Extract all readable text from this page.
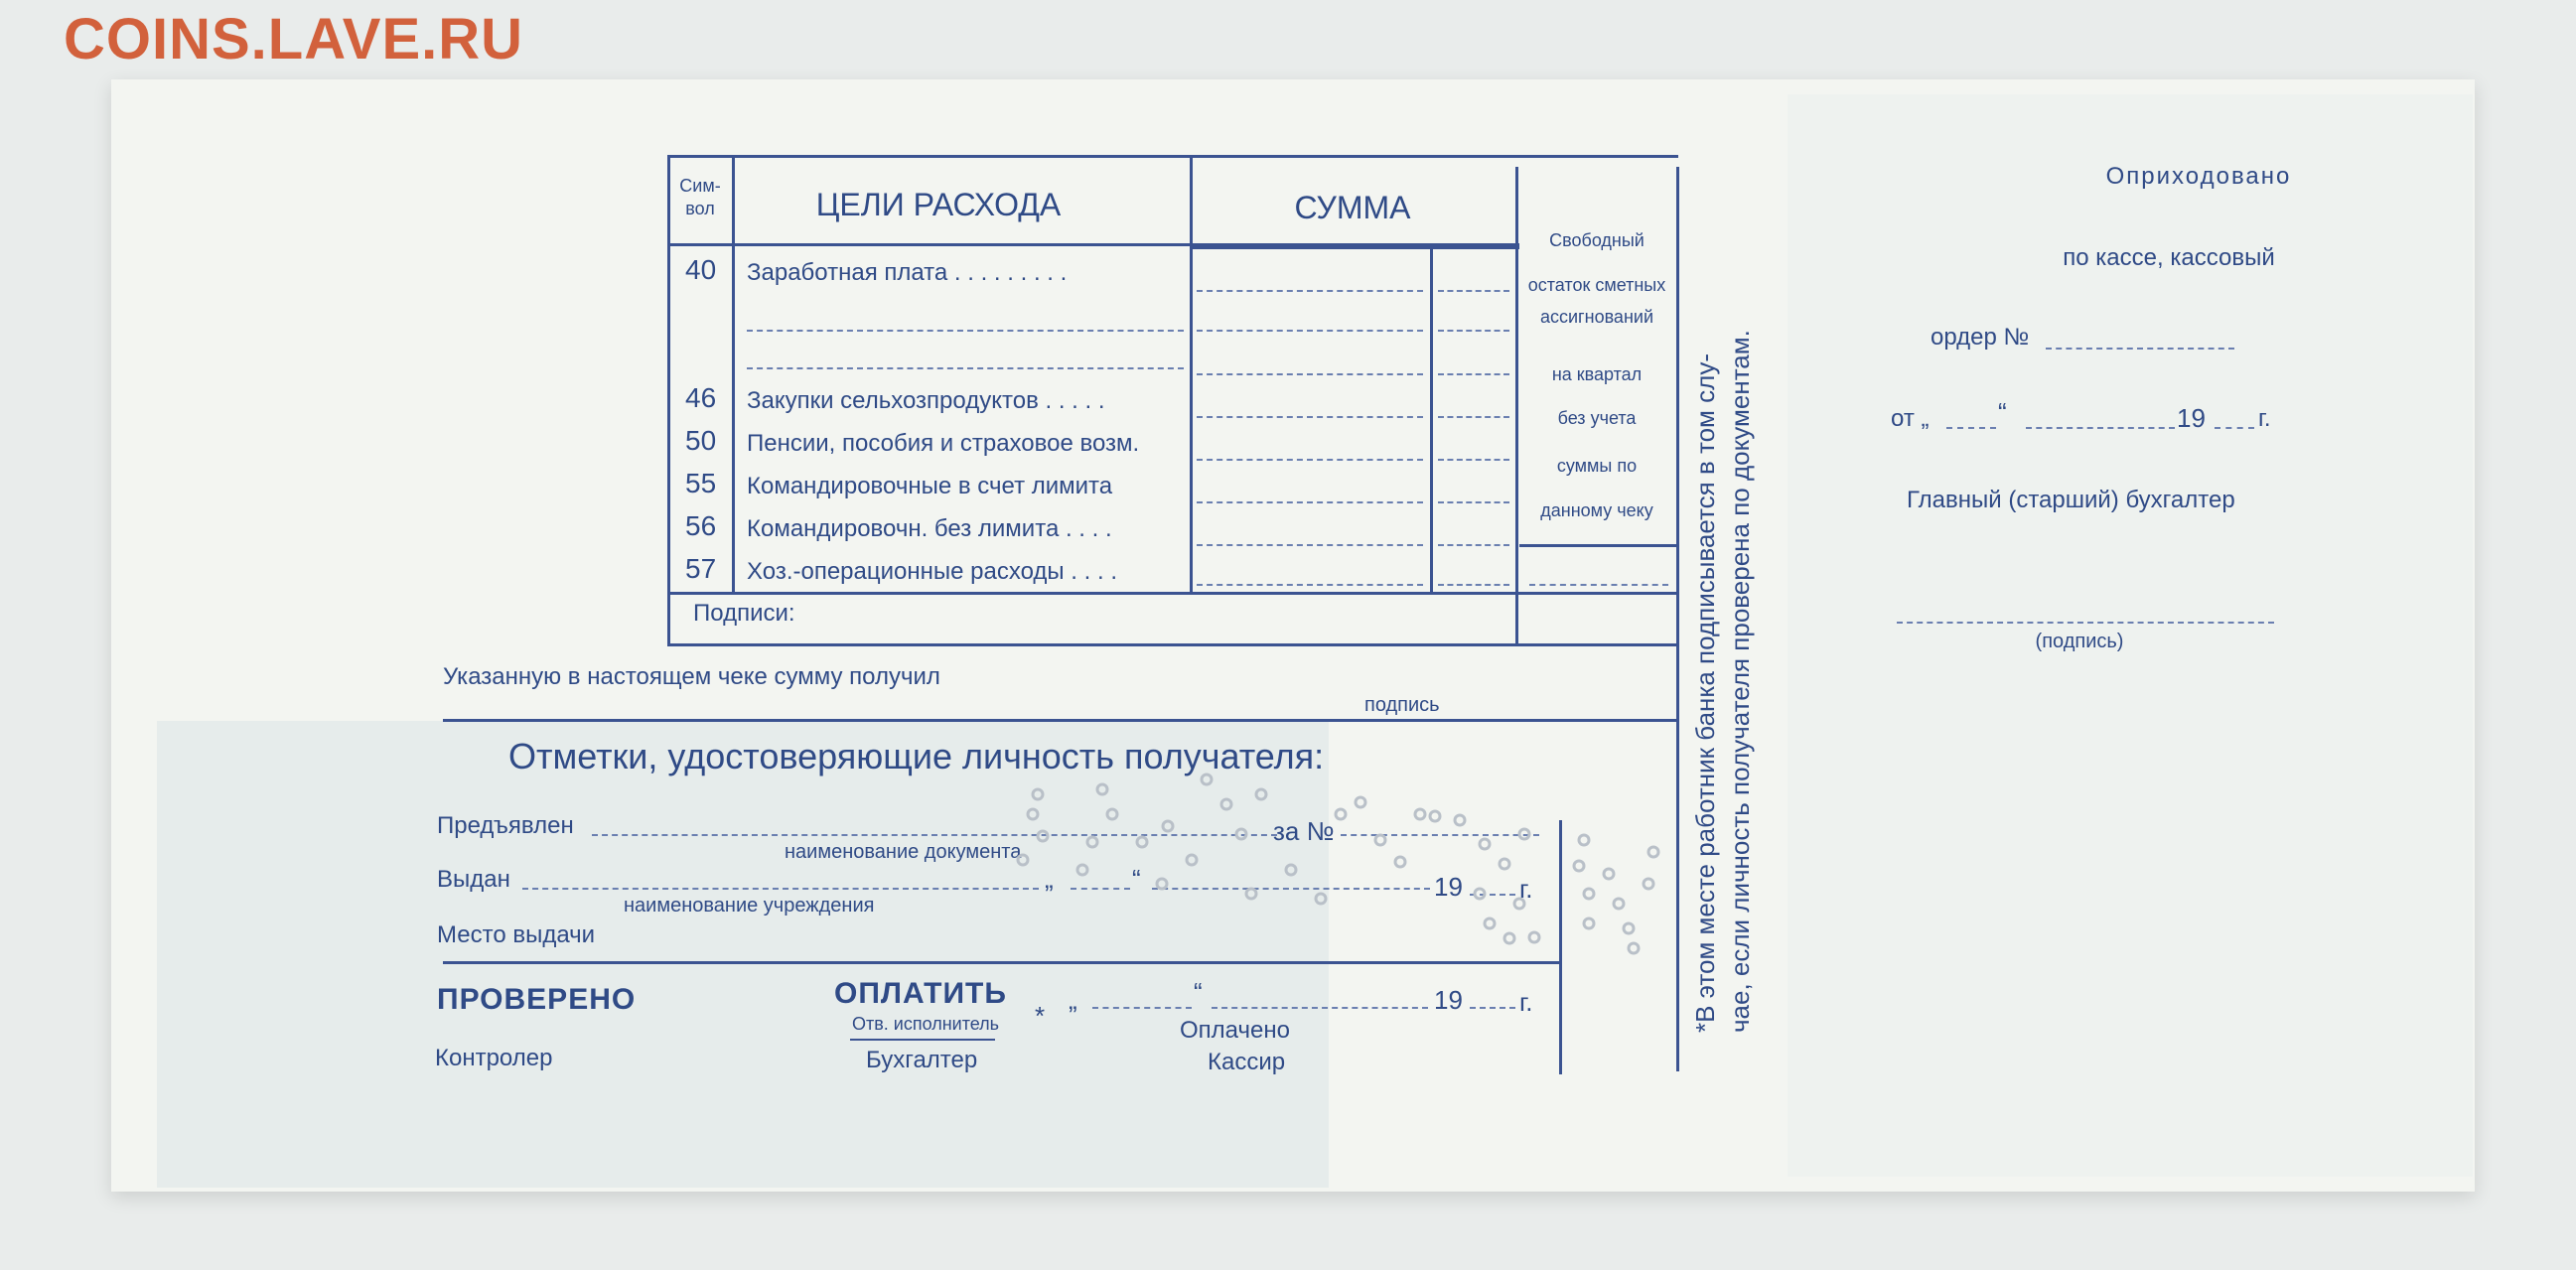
COINS.LAVE.RU
Сим-вол	ЦЕЛИ РАСХОДА	СУММА
40 Заработная плата . . . . . . . . .
46 Закупки сельхозпродуктов . . . . .
50 Пенсии, пособия и страховое возм.
55 Командировочные в счет лимита
56 Командировочн. без лимита . . . .
57 Хоз.-операционные расходы . . . .
Свободный
остаток сметных
ассигнований
на квартал
без учета
суммы по
данному чеку
Подписи:
Указанную в настоящем чеке сумму получил
подпись
Отметки, удостоверяющие личность получателя:
Предъявлен
наименование документа
за №
Выдан
наименование учреждения
„	“	19 г.
Место выдачи
ПРОВЕРЕНО
Контролер
ОПЛАТИТЬ
Отв. исполнитель
Бухгалтер
*
„	“	19 г.
Оплачено
Кассир
*В этом месте работник банка подписывается в том слу- чае, если личность получателя проверена по документам.
Оприходовано
по кассе, кассовый
ордер №
от „	“	19 г.
Главный (старший) бухгалтер
(подпись)
